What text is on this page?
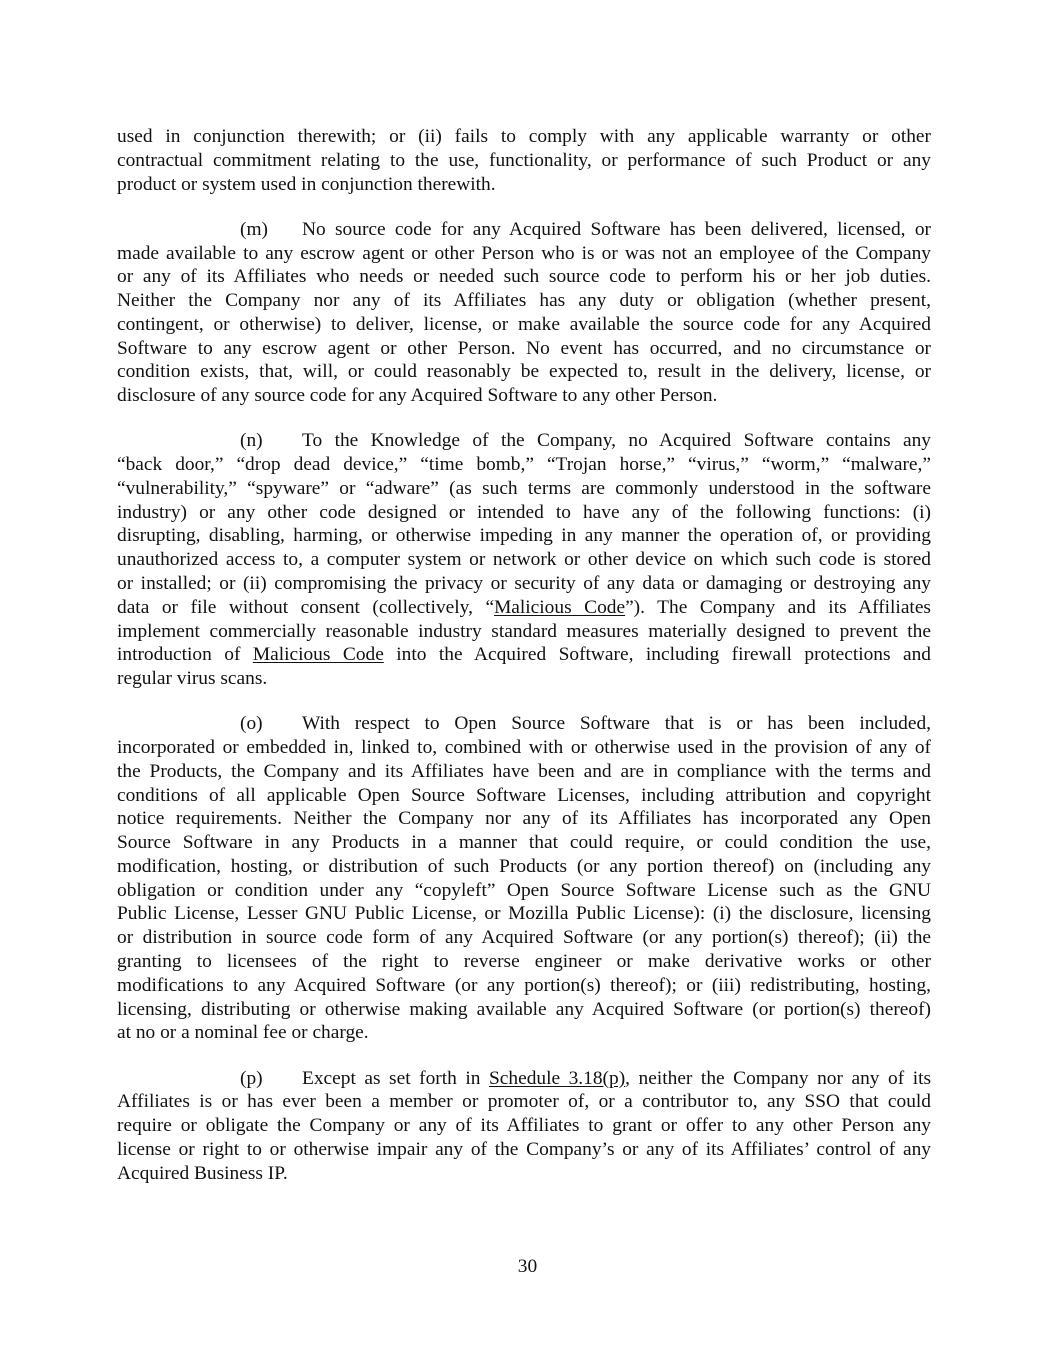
used in conjunction therewith; or (ii) fails to comply with any applicable warranty or other
contractual commitment relating to the use, functionality, or performance of such Product or any
product or system used in conjunction therewith.
(m) No source code for any Acquired Software has been delivered, licensed, or
made available to any escrow agent or other Person who is or was not an employee of the Company
or any of its Affiliates who needs or needed such source code to perform his or her job duties.
Neither the Company nor any of its Affiliates has any duty or obligation (whether present,
contingent, or otherwise) to deliver, license, or make available the source code for any Acquired
Software to any escrow agent or other Person. No event has occurred, and no circumstance or
condition exists, that, will, or could reasonably be expected to, result in the delivery, license, or
disclosure of any source code for any Acquired Software to any other Person.
(n) To the Knowledge of the Company, no Acquired Software contains any
“back door,” “drop dead device,” “time bomb,” “Trojan horse,” “virus,” “worm,” “malware,”
“vulnerability,” “spyware” or “adware” (as such terms are commonly understood in the software
industry) or any other code designed or intended to have any of the following functions: (i)
disrupting, disabling, harming, or otherwise impeding in any manner the operation of, or providing
unauthorized access to, a computer system or network or other device on which such code is stored
or installed; or (ii) compromising the privacy or security of any data or damaging or destroying any
data or file without consent (collectively, “Malicious Code”). The Company and its Affiliates
implement commercially reasonable industry standard measures materially designed to prevent the
introduction of Malicious Code into the Acquired Software, including firewall protections and
regular virus scans.
(o) With respect to Open Source Software that is or has been included,
incorporated or embedded in, linked to, combined with or otherwise used in the provision of any of
the Products, the Company and its Affiliates have been and are in compliance with the terms and
conditions of all applicable Open Source Software Licenses, including attribution and copyright
notice requirements. Neither the Company nor any of its Affiliates has incorporated any Open
Source Software in any Products in a manner that could require, or could condition the use,
modification, hosting, or distribution of such Products (or any portion thereof) on (including any
obligation or condition under any “copyleft” Open Source Software License such as the GNU
Public License, Lesser GNU Public License, or Mozilla Public License): (i) the disclosure, licensing
or distribution in source code form of any Acquired Software (or any portion(s) thereof); (ii) the
granting to licensees of the right to reverse engineer or make derivative works or other
modifications to any Acquired Software (or any portion(s) thereof); or (iii) redistributing, hosting,
licensing, distributing or otherwise making available any Acquired Software (or portion(s) thereof)
at no or a nominal fee or charge.
(p) Except as set forth in Schedule 3.18(p), neither the Company nor any of its
Affiliates is or has ever been a member or promoter of, or a contributor to, any SSO that could
require or obligate the Company or any of its Affiliates to grant or offer to any other Person any
license or right to or otherwise impair any of the Company’s or any of its Affiliates’ control of any
Acquired Business IP.
30
